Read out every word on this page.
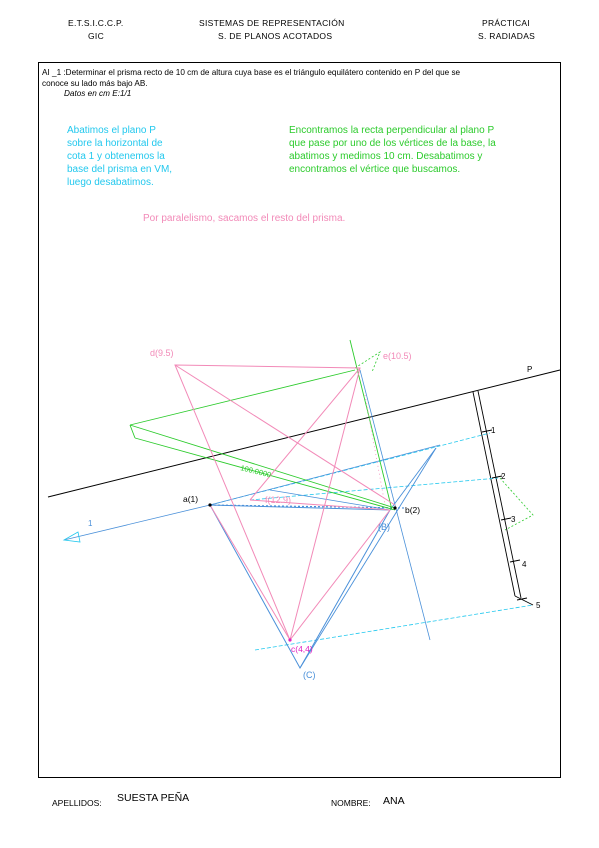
E.T.S.I.C.C.P.
GIC
SISTEMAS DE REPRESENTACIÓN
S. DE PLANOS ACOTADOS
PRÁCTICAI
S. RADIADAS
AI _1 :Determinar el prisma recto de 10 cm de altura cuya base es el triángulo equilátero contenido en P del que se
conoce su lado más bajo AB.
Datos en cm E:1/1
Abatimos el plano P
sobre la horizontal de
cota 1 y obtenemos la
base del prisma en VM,
luego desabatimos.
Encontramos la recta perpendicular al plano P
que pase por uno de los vértices de la base, la
abatimos y medimos 10 cm. Desabatimos y
encontramos el vértice que buscamos.
Por paralelismo, sacamos el resto del prisma.
P
a(1)
b(2)
c(4,4)
d(9.5)	e(10.5)
f(12.9)
(B)
(C)
100.0000
1
1
2
3
4
5
APELLIDOS: SUESTA PEÑA	NOMBRE: ANA
